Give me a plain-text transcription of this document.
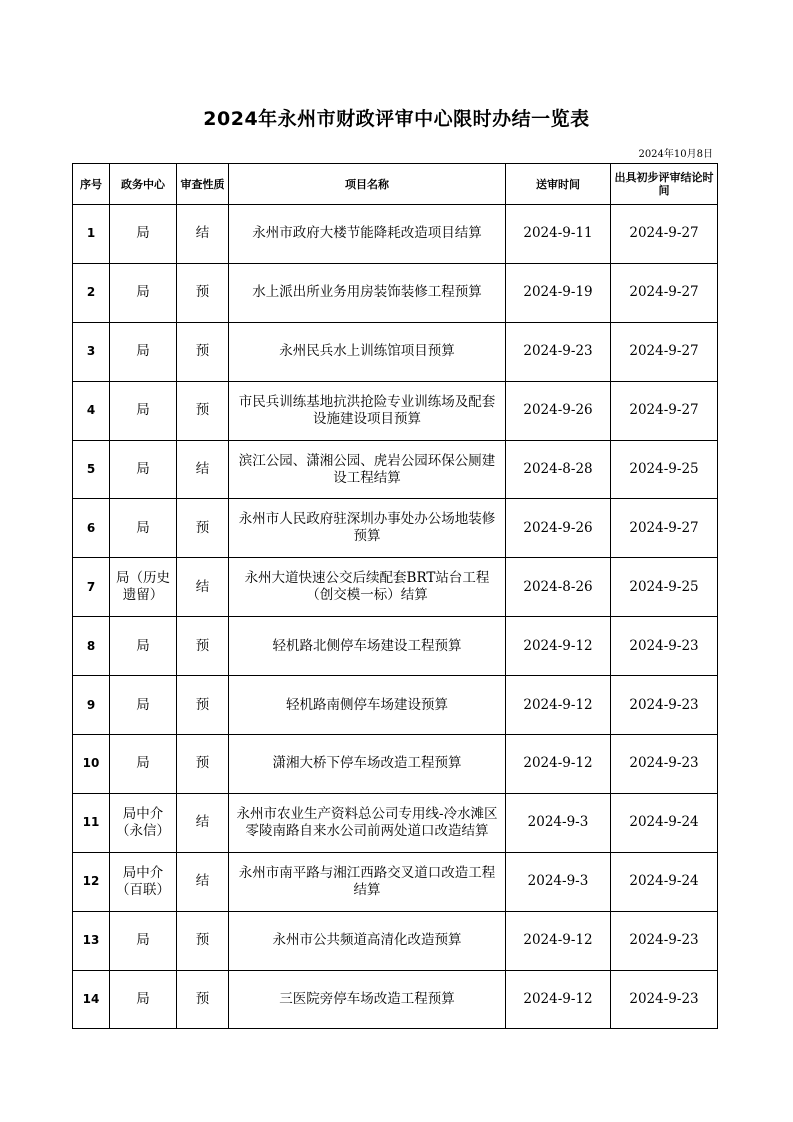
2024年永州市财政评审中心限时办结一览表
2024年10月8日
序号	政务中心	审查性质	项目名称	送审时间	出具初步评审结论时间
1	局	结	永州市政府大楼节能降耗改造项目结算	2024-9-11	2024-9-27
2	局	预	水上派出所业务用房装饰装修工程预算	2024-9-19	2024-9-27
3	局	预	永州民兵水上训练馆项目预算	2024-9-23	2024-9-27
4	局	预	市民兵训练基地抗洪抢险专业训练场及配套设施建设项目预算	2024-9-26	2024-9-27
5	局	结	滨江公园、潇湘公园、虎岩公园环保公厕建设工程结算	2024-8-28	2024-9-25
6	局	预	永州市人民政府驻深圳办事处办公场地装修预算	2024-9-26	2024-9-27
7	局（历史遗留）	结	永州大道快速公交后续配套BRT站台工程（创交模一标）结算	2024-8-26	2024-9-25
8	局	预	轻机路北侧停车场建设工程预算	2024-9-12	2024-9-23
9	局	预	轻机路南侧停车场建设预算	2024-9-12	2024-9-23
10	局	预	潇湘大桥下停车场改造工程预算	2024-9-12	2024-9-23
11	局中介（永信）	结	永州市农业生产资料总公司专用线-冷水滩区零陵南路自来水公司前两处道口改造结算	2024-9-3	2024-9-24
12	局中介（百联）	结	永州市南平路与湘江西路交叉道口改造工程结算	2024-9-3	2024-9-24
13	局	预	永州市公共频道高清化改造预算	2024-9-12	2024-9-23
14	局	预	三医院旁停车场改造工程预算	2024-9-12	2024-9-23
